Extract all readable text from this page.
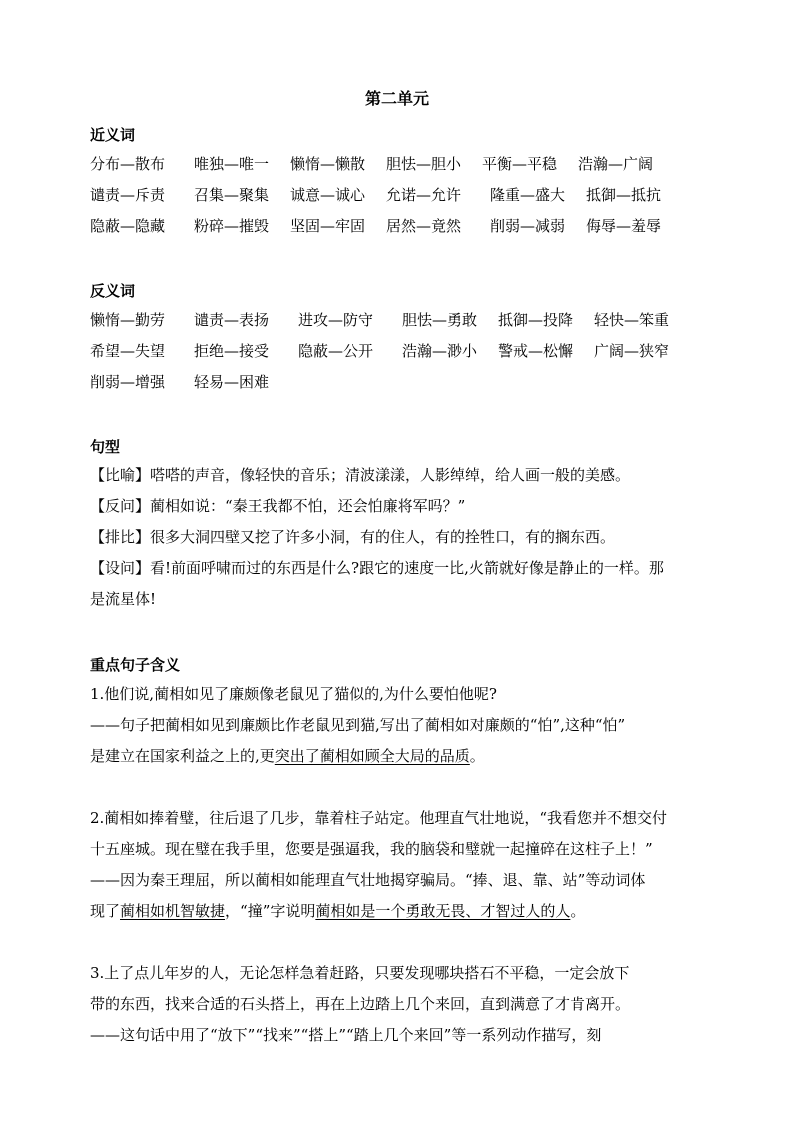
第二单元
近义词
分布—散布 唯独—唯一 懒惰—懒散 胆怯—胆小 平衡—平稳 浩瀚—广阔
谴责—斥责 召集—聚集 诚意—诚心 允诺—允许 隆重—盛大 抵御—抵抗
隐蔽—隐藏 粉碎—摧毁 坚固—牢固 居然—竟然 削弱—减弱 侮辱—羞辱
反义词
懒惰—勤劳 谴责—表扬 进攻—防守 胆怯—勇敢 抵御—投降 轻快—笨重
希望—失望 拒绝—接受 隐蔽—公开 浩瀚—渺小 警戒—松懈 广阔—狭窄
削弱—增强 轻易—困难
句型
【比喻】嗒嗒的声音，像轻快的音乐；清波漾漾，人影绰绰，给人画一般的美感。
【反问】蔺相如说：“秦王我都不怕，还会怕廉将军吗？”
【排比】很多大洞四壁又挖了许多小洞，有的住人，有的拴牲口，有的搁东西。
【设问】看!前面呼啸而过的东西是什么?跟它的速度一比,火箭就好像是静止的一样。那
是流星体!
重点句子含义
1.他们说,蔺相如见了廉颇像老鼠见了猫似的,为什么要怕他呢?
——句子把蔺相如见到廉颇比作老鼠见到猫,写出了蔺相如对廉颇的“怕”,这种“怕”
是建立在国家利益之上的,更突出了蔺相如顾全大局的品质。
2.蔺相如捧着璧，往后退了几步，靠着柱子站定。他理直气壮地说，“我看您并不想交付
十五座城。现在璧在我手里，您要是强逼我，我的脑袋和璧就一起撞碎在这柱子上！”
——因为秦王理屈，所以蔺相如能理直气壮地揭穿骗局。“捧、退、靠、站”等动词体
现了蔺相如机智敏捷，“撞”字说明蔺相如是一个勇敢无畏、才智过人的人。
3.上了点儿年岁的人，无论怎样急着赶路，只要发现哪块搭石不平稳，一定会放下
带的东西，找来合适的石头搭上，再在上边踏上几个来回，直到满意了才肯离开。
——这句话中用了“放下”“找来”“搭上”“踏上几个来回”等一系列动作描写，刻
